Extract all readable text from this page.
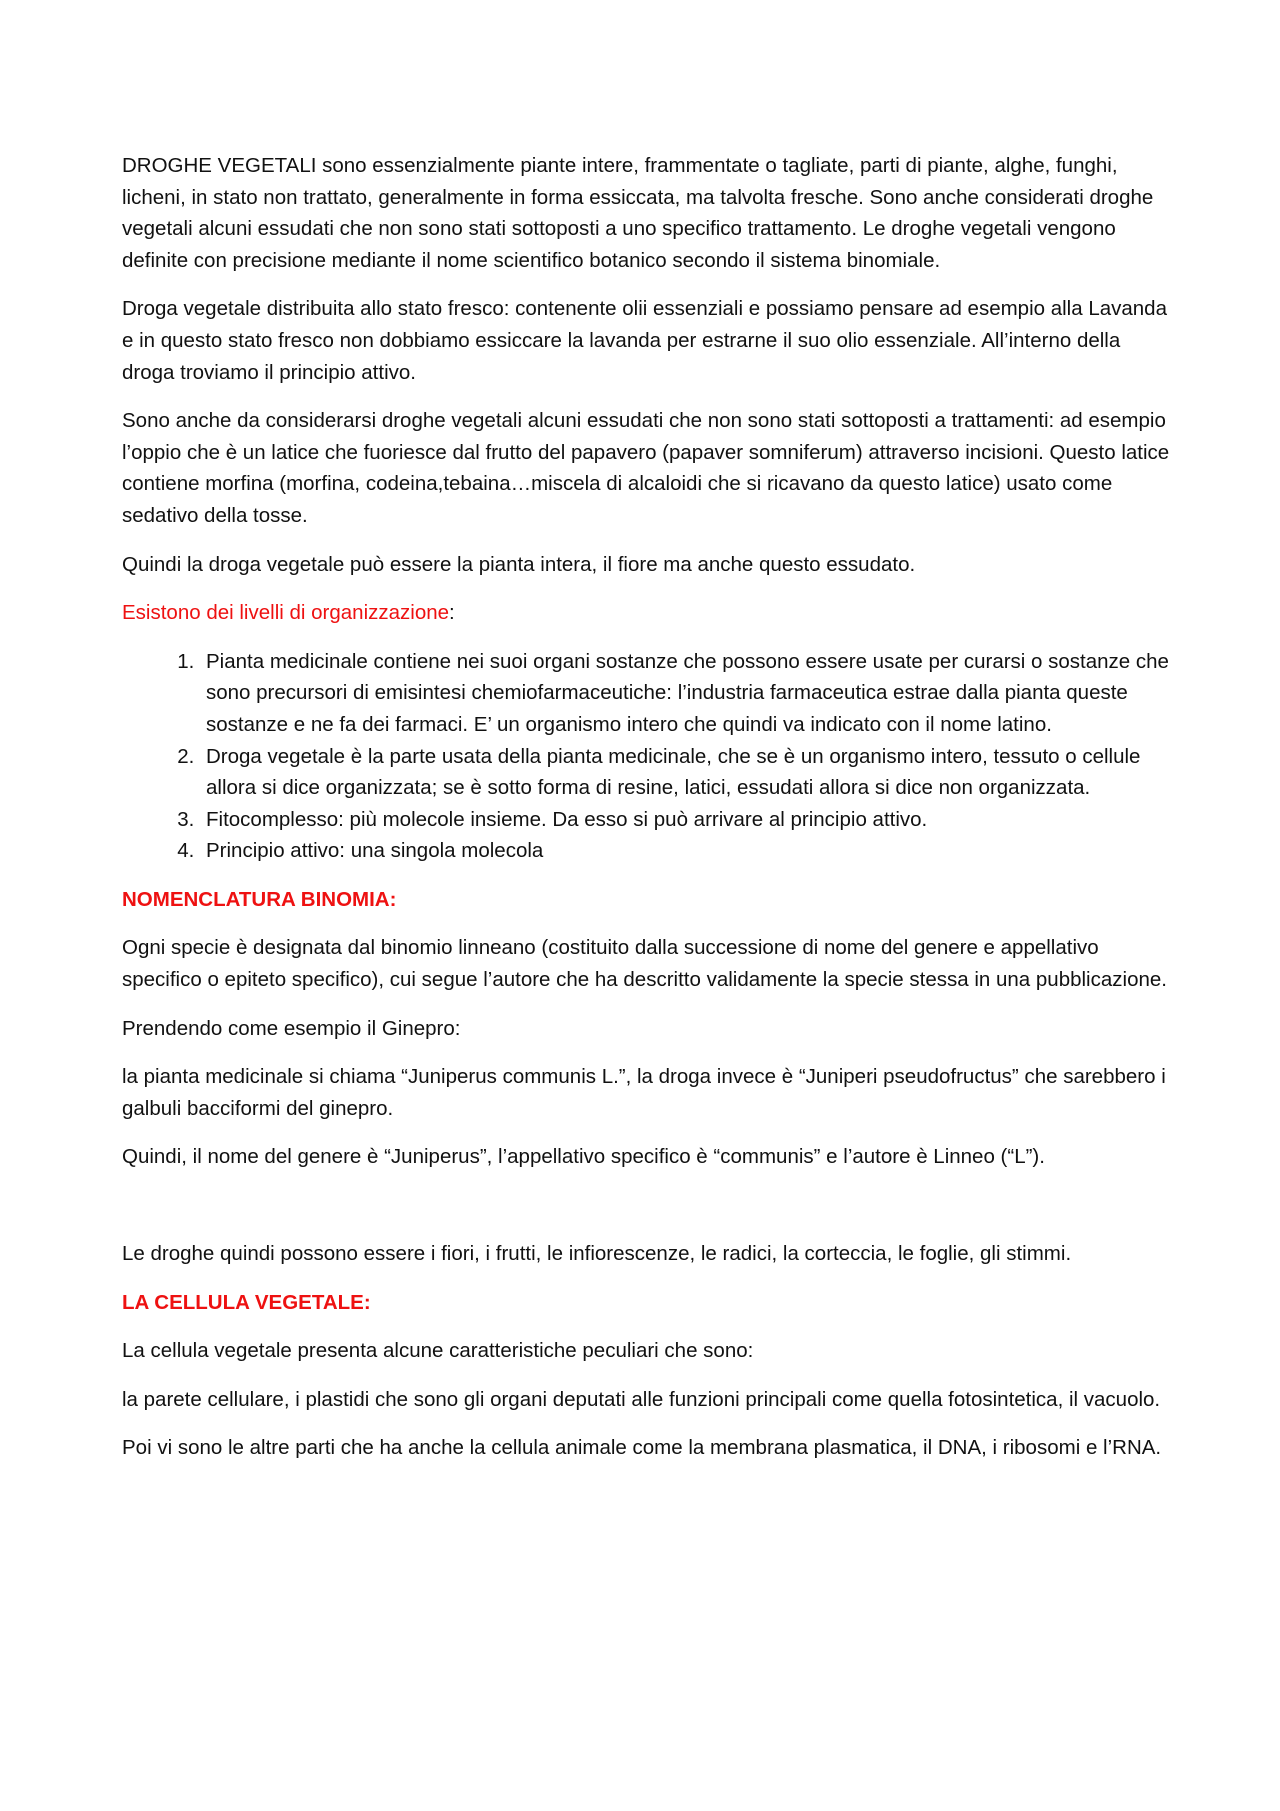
DROGHE VEGETALI sono essenzialmente piante intere, frammentate o tagliate, parti di piante, alghe, funghi, licheni, in stato non trattato, generalmente in forma essiccata, ma talvolta fresche. Sono anche considerati droghe vegetali alcuni essudati che non sono stati sottoposti a uno specifico trattamento. Le droghe vegetali vengono definite con precisione mediante il nome scientifico botanico secondo il sistema binomiale.

Droga vegetale distribuita allo stato fresco: contenente olii essenziali e possiamo pensare ad esempio alla Lavanda e in questo stato fresco non dobbiamo essiccare la lavanda per estrarne il suo olio essenziale. All’interno della droga troviamo il principio attivo.

Sono anche da considerarsi droghe vegetali alcuni essudati che non sono stati sottoposti a trattamenti: ad esempio l’oppio che è un latice che fuoriesce dal frutto del papavero (papaver somniferum) attraverso incisioni. Questo latice contiene morfina (morfina, codeina,tebaina…miscela di alcaloidi che si ricavano da questo latice) usato come sedativo della tosse.

Quindi la droga vegetale può essere la pianta intera, il fiore ma anche questo essudato.

Esistono dei livelli di organizzazione:

1. Pianta medicinale contiene nei suoi organi sostanze che possono essere usate per curarsi o sostanze che sono precursori di emisintesi chemiofarmaceutiche: l’industria farmaceutica estrae dalla pianta queste sostanze e ne fa dei farmaci. E’ un organismo intero che quindi va indicato con il nome latino.
2. Droga vegetale è la parte usata della pianta medicinale, che se è un organismo intero, tessuto o cellule allora si dice organizzata; se è sotto forma di resine, latici, essudati allora si dice non organizzata.
3. Fitocomplesso: più molecole insieme. Da esso si può arrivare al principio attivo.
4. Principio attivo: una singola molecola

NOMENCLATURA BINOMIA:

Ogni specie è designata dal binomio linneano (costituito dalla successione di nome del genere e appellativo specifico o epiteto specifico), cui segue l’autore che ha descritto validamente la specie stessa in una pubblicazione.

Prendendo come esempio il Ginepro:

la pianta medicinale si chiama “Juniperus communis L.”, la droga invece è “Juniperi pseudofructus” che sarebbero i galbuli bacciformi del ginepro.

Quindi, il nome del genere è “Juniperus”, l’appellativo specifico è “communis” e l’autore è Linneo (“L”).

Le droghe quindi possono essere i fiori, i frutti, le infiorescenze, le radici, la corteccia, le foglie, gli stimmi.

LA CELLULA VEGETALE:

La cellula vegetale presenta alcune caratteristiche peculiari che sono:

la parete cellulare, i plastidi che sono gli organi deputati alle funzioni principali come quella fotosintetica, il vacuolo.

Poi vi sono le altre parti che ha anche la cellula animale come la membrana plasmatica, il DNA, i ribosomi e l’RNA.
